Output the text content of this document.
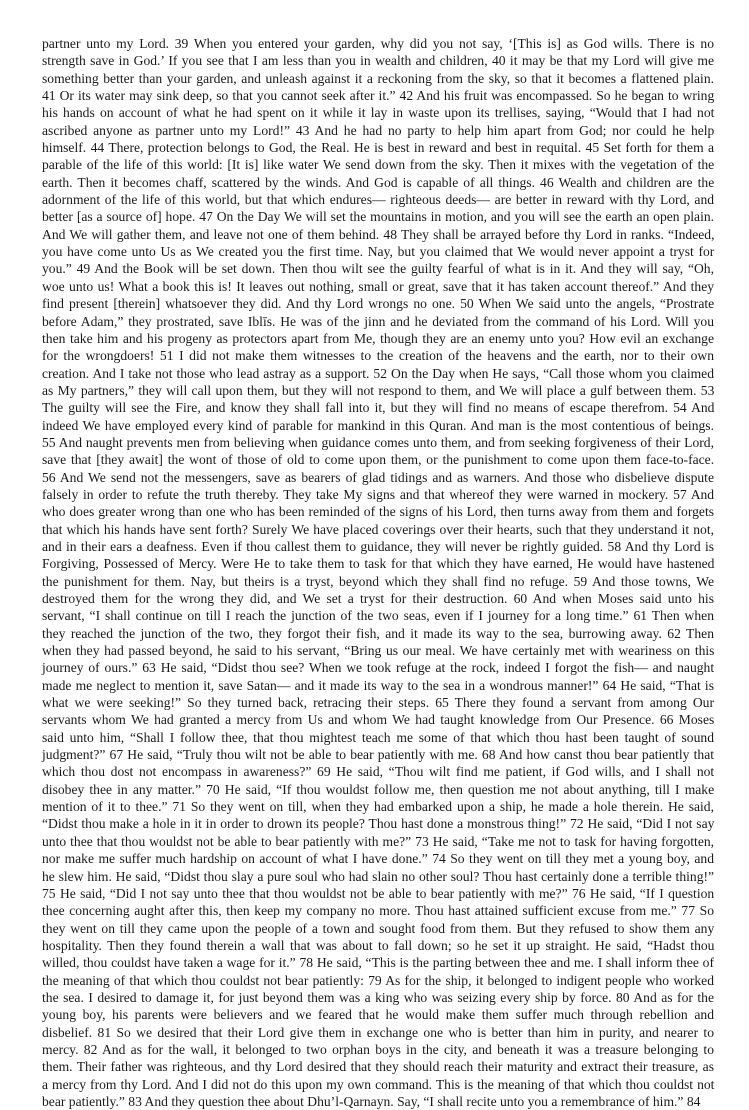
partner unto my Lord. 39 When you entered your garden, why did you not say, ‘[This is] as God wills. There is no
strength save in God.’ If you see that I am less than you in wealth and children, 40 it may be that my Lord will give me
something better than your garden, and unleash against it a reckoning from the sky, so that it becomes a flattened plain.
41 Or its water may sink deep, so that you cannot seek after it.” 42 And his fruit was encompassed. So he began to wring
his hands on account of what he had spent on it while it lay in waste upon its trellises, saying, “Would that I had not
ascribed anyone as partner unto my Lord!” 43 And he had no party to help him apart from God; nor could he help
himself. 44 There, protection belongs to God, the Real. He is best in reward and best in requital. 45 Set forth for them a
parable of the life of this world: [It is] like water We send down from the sky. Then it mixes with the vegetation of the
earth. Then it becomes chaff, scattered by the winds. And God is capable of all things. 46 Wealth and children are the
adornment of the life of this world, but that which endures— righteous deeds— are better in reward with thy Lord, and
better [as a source of] hope. 47 On the Day We will set the mountains in motion, and you will see the earth an open plain.
And We will gather them, and leave not one of them behind. 48 They shall be arrayed before thy Lord in ranks. “Indeed,
you have come unto Us as We created you the first time. Nay, but you claimed that We would never appoint a tryst for
you.” 49 And the Book will be set down. Then thou wilt see the guilty fearful of what is in it. And they will say, “Oh,
woe unto us! What a book this is! It leaves out nothing, small or great, save that it has taken account thereof.” And they
find present [therein] whatsoever they did. And thy Lord wrongs no one. 50 When We said unto the angels, “Prostrate
before Adam,” they prostrated, save Iblīs. He was of the jinn and he deviated from the command of his Lord. Will you
then take him and his progeny as protectors apart from Me, though they are an enemy unto you? How evil an exchange
for the wrongdoers! 51 I did not make them witnesses to the creation of the heavens and the earth, nor to their own
creation. And I take not those who lead astray as a support. 52 On the Day when He says, “Call those whom you claimed
as My partners,” they will call upon them, but they will not respond to them, and We will place a gulf between them. 53
The guilty will see the Fire, and know they shall fall into it, but they will find no means of escape therefrom. 54 And
indeed We have employed every kind of parable for mankind in this Quran. And man is the most contentious of beings.
55 And naught prevents men from believing when guidance comes unto them, and from seeking forgiveness of their Lord,
save that [they await] the wont of those of old to come upon them, or the punishment to come upon them face-to-face.
56 And We send not the messengers, save as bearers of glad tidings and as warners. And those who disbelieve dispute
falsely in order to refute the truth thereby. They take My signs and that whereof they were warned in mockery. 57 And
who does greater wrong than one who has been reminded of the signs of his Lord, then turns away from them and forgets
that which his hands have sent forth? Surely We have placed coverings over their hearts, such that they understand it not,
and in their ears a deafness. Even if thou callest them to guidance, they will never be rightly guided. 58 And thy Lord is
Forgiving, Possessed of Mercy. Were He to take them to task for that which they have earned, He would have hastened
the punishment for them. Nay, but theirs is a tryst, beyond which they shall find no refuge. 59 And those towns, We
destroyed them for the wrong they did, and We set a tryst for their destruction. 60 And when Moses said unto his
servant, “I shall continue on till I reach the junction of the two seas, even if I journey for a long time.” 61 Then when
they reached the junction of the two, they forgot their fish, and it made its way to the sea, burrowing away. 62 Then
when they had passed beyond, he said to his servant, “Bring us our meal. We have certainly met with weariness on this
journey of ours.” 63 He said, “Didst thou see? When we took refuge at the rock, indeed I forgot the fish— and naught
made me neglect to mention it, save Satan— and it made its way to the sea in a wondrous manner!” 64 He said, “That is
what we were seeking!” So they turned back, retracing their steps. 65 There they found a servant from among Our
servants whom We had granted a mercy from Us and whom We had taught knowledge from Our Presence. 66 Moses
said unto him, “Shall I follow thee, that thou mightest teach me some of that which thou hast been taught of sound
judgment?” 67 He said, “Truly thou wilt not be able to bear patiently with me. 68 And how canst thou bear patiently that
which thou dost not encompass in awareness?” 69 He said, “Thou wilt find me patient, if God wills, and I shall not
disobey thee in any matter.” 70 He said, “If thou wouldst follow me, then question me not about anything, till I make
mention of it to thee.” 71 So they went on till, when they had embarked upon a ship, he made a hole therein. He said,
“Didst thou make a hole in it in order to drown its people? Thou hast done a monstrous thing!” 72 He said, “Did I not say
unto thee that thou wouldst not be able to bear patiently with me?” 73 He said, “Take me not to task for having forgotten,
nor make me suffer much hardship on account of what I have done.” 74 So they went on till they met a young boy, and
he slew him. He said, “Didst thou slay a pure soul who had slain no other soul? Thou hast certainly done a terrible thing!”
75 He said, “Did I not say unto thee that thou wouldst not be able to bear patiently with me?” 76 He said, “If I question
thee concerning aught after this, then keep my company no more. Thou hast attained sufficient excuse from me.” 77 So
they went on till they came upon the people of a town and sought food from them. But they refused to show them any
hospitality. Then they found therein a wall that was about to fall down; so he set it up straight. He said, “Hadst thou
willed, thou couldst have taken a wage for it.” 78 He said, “This is the parting between thee and me. I shall inform thee of
the meaning of that which thou couldst not bear patiently: 79 As for the ship, it belonged to indigent people who worked
the sea. I desired to damage it, for just beyond them was a king who was seizing every ship by force. 80 And as for the
young boy, his parents were believers and we feared that he would make them suffer much through rebellion and
disbelief. 81 So we desired that their Lord give them in exchange one who is better than him in purity, and nearer to
mercy. 82 And as for the wall, it belonged to two orphan boys in the city, and beneath it was a treasure belonging to
them. Their father was righteous, and thy Lord desired that they should reach their maturity and extract their treasure, as
a mercy from thy Lord. And I did not do this upon my own command. This is the meaning of that which thou couldst not
bear patiently.” 83 And they question thee about Dhu’l-Qarnayn. Say, “I shall recite unto you a remembrance of him.” 84
